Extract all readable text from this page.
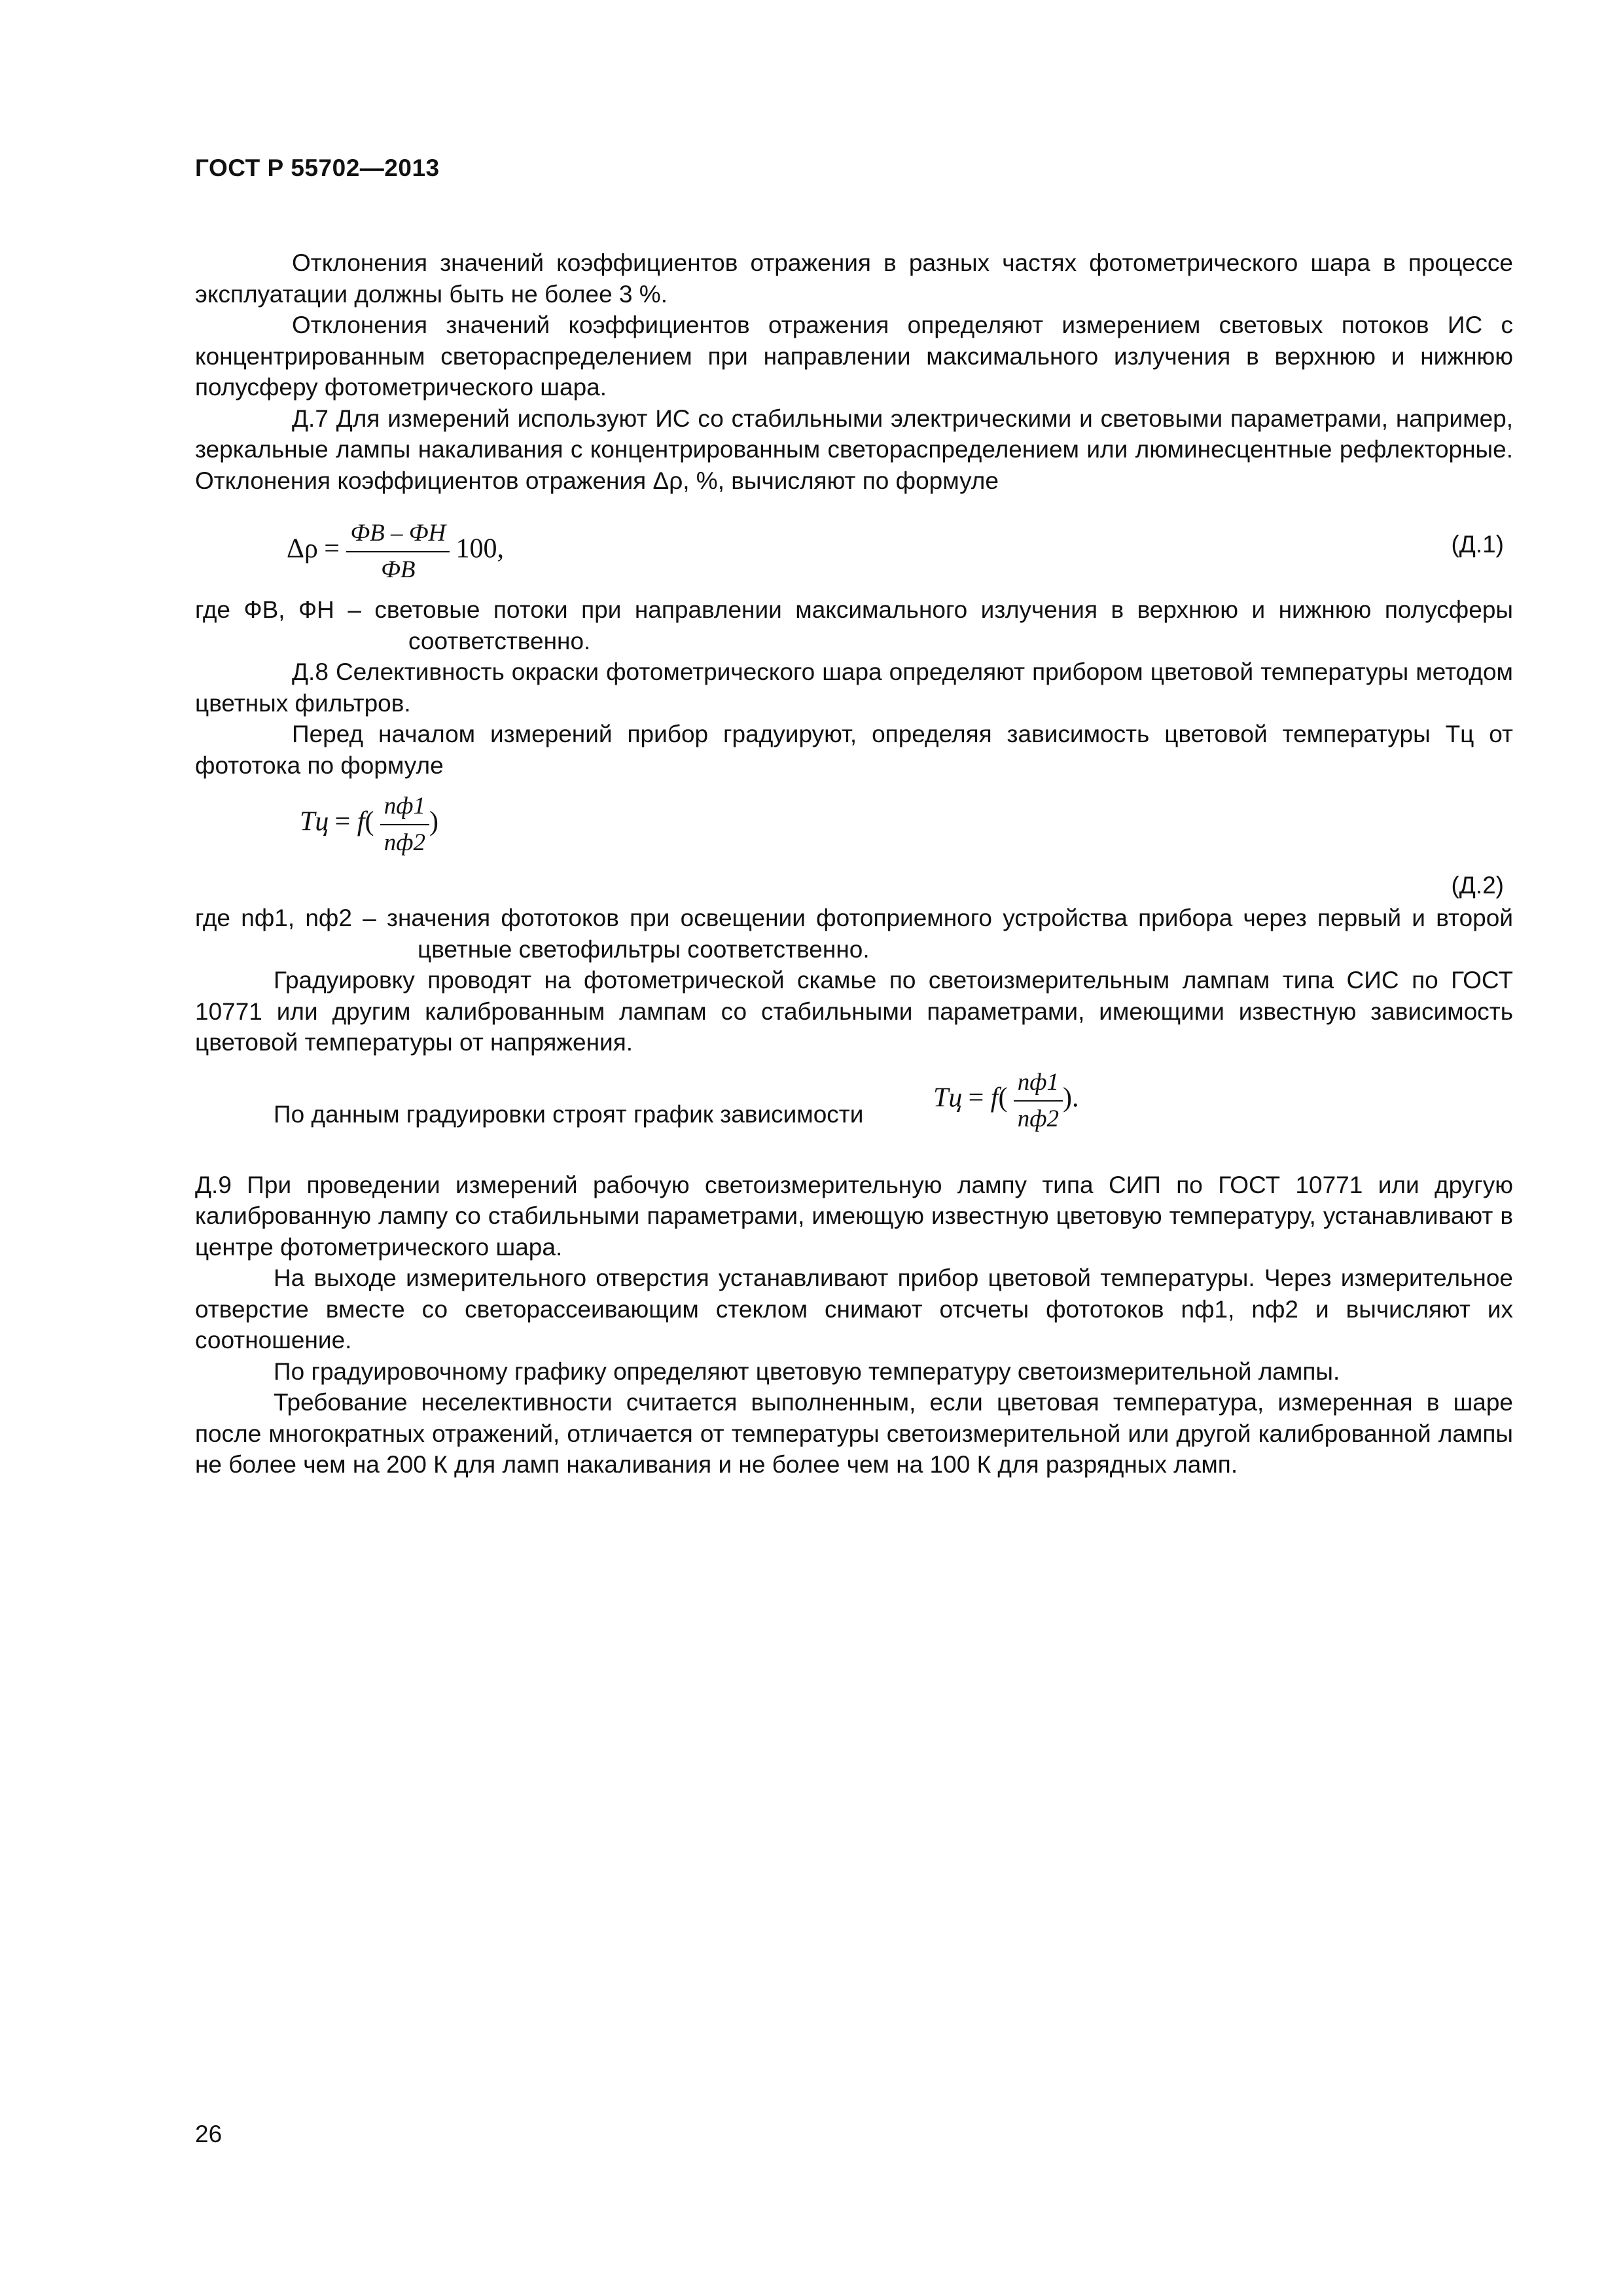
ГОСТ Р 55702—2013

Отклонения значений коэффициентов отражения в разных частях фотометрического шара в процессе эксплуатации должны быть не более 3 %.

Отклонения значений коэффициентов отражения определяют измерением световых потоков ИС с концентрированным светораспределением при направлении максимального излучения в верхнюю и нижнюю полусферу фотометрического шара.

Д.7 Для измерений используют ИС со стабильными электрическими и световыми параметрами, например, зеркальные лампы накаливания с концентрированным светораспределением или люминесцентные рефлекторные. Отклонения коэффициентов отражения Δρ, %, вычисляют по формуле

$\Delta\rho = \frac{ФВ - ФН}{ФВ} 100$,	(Д.1)

где ФВ, ФН – световые потоки при направлении максимального излучения в верхнюю и нижнюю полусферы соответственно.

Д.8 Селективность окраски фотометрического шара определяют прибором цветовой температуры методом цветных фильтров.

Перед началом измерений прибор градуируют, определяя зависимость цветовой температуры Тц от фототока по формуле

Тц = $f( \frac{nф1}{nф2}$ )
(Д.2)

где nф1, nф2 – значения фототоков при освещении фотоприемного устройства прибора через первый и второй цветные светофильтры соответственно.

Градуировку проводят на фотометрической скамье по светоизмерительным лампам типа СИС по ГОСТ 10771 или другим калиброванным лампам со стабильными параметрами, имеющими известную зависимость цветовой температуры от напряжения.

По данным градуировки строят график зависимости
Тц = $f( \frac{nф1}{nф2}$ ).

Д.9 При проведении измерений рабочую светоизмерительную лампу типа СИП по ГОСТ 10771 или другую калиброванную лампу со стабильными параметрами, имеющую известную цветовую температуру, устанавливают в центре фотометрического шара.

На выходе измерительного отверстия устанавливают прибор цветовой температуры. Через измерительное отверстие вместе со светорассеивающим стеклом снимают отсчеты фототоков nф1, nф2 и вычисляют их соотношение.

По градуировочному графику определяют цветовую температуру светоизмерительной лампы.

Требование неселективности считается выполненным, если цветовая температура, измеренная в шаре после многократных отражений, отличается от температуры светоизмерительной или другой калиброванной лампы не более чем на 200 К для ламп накаливания и не более чем на 100 К для разрядных ламп.

26
